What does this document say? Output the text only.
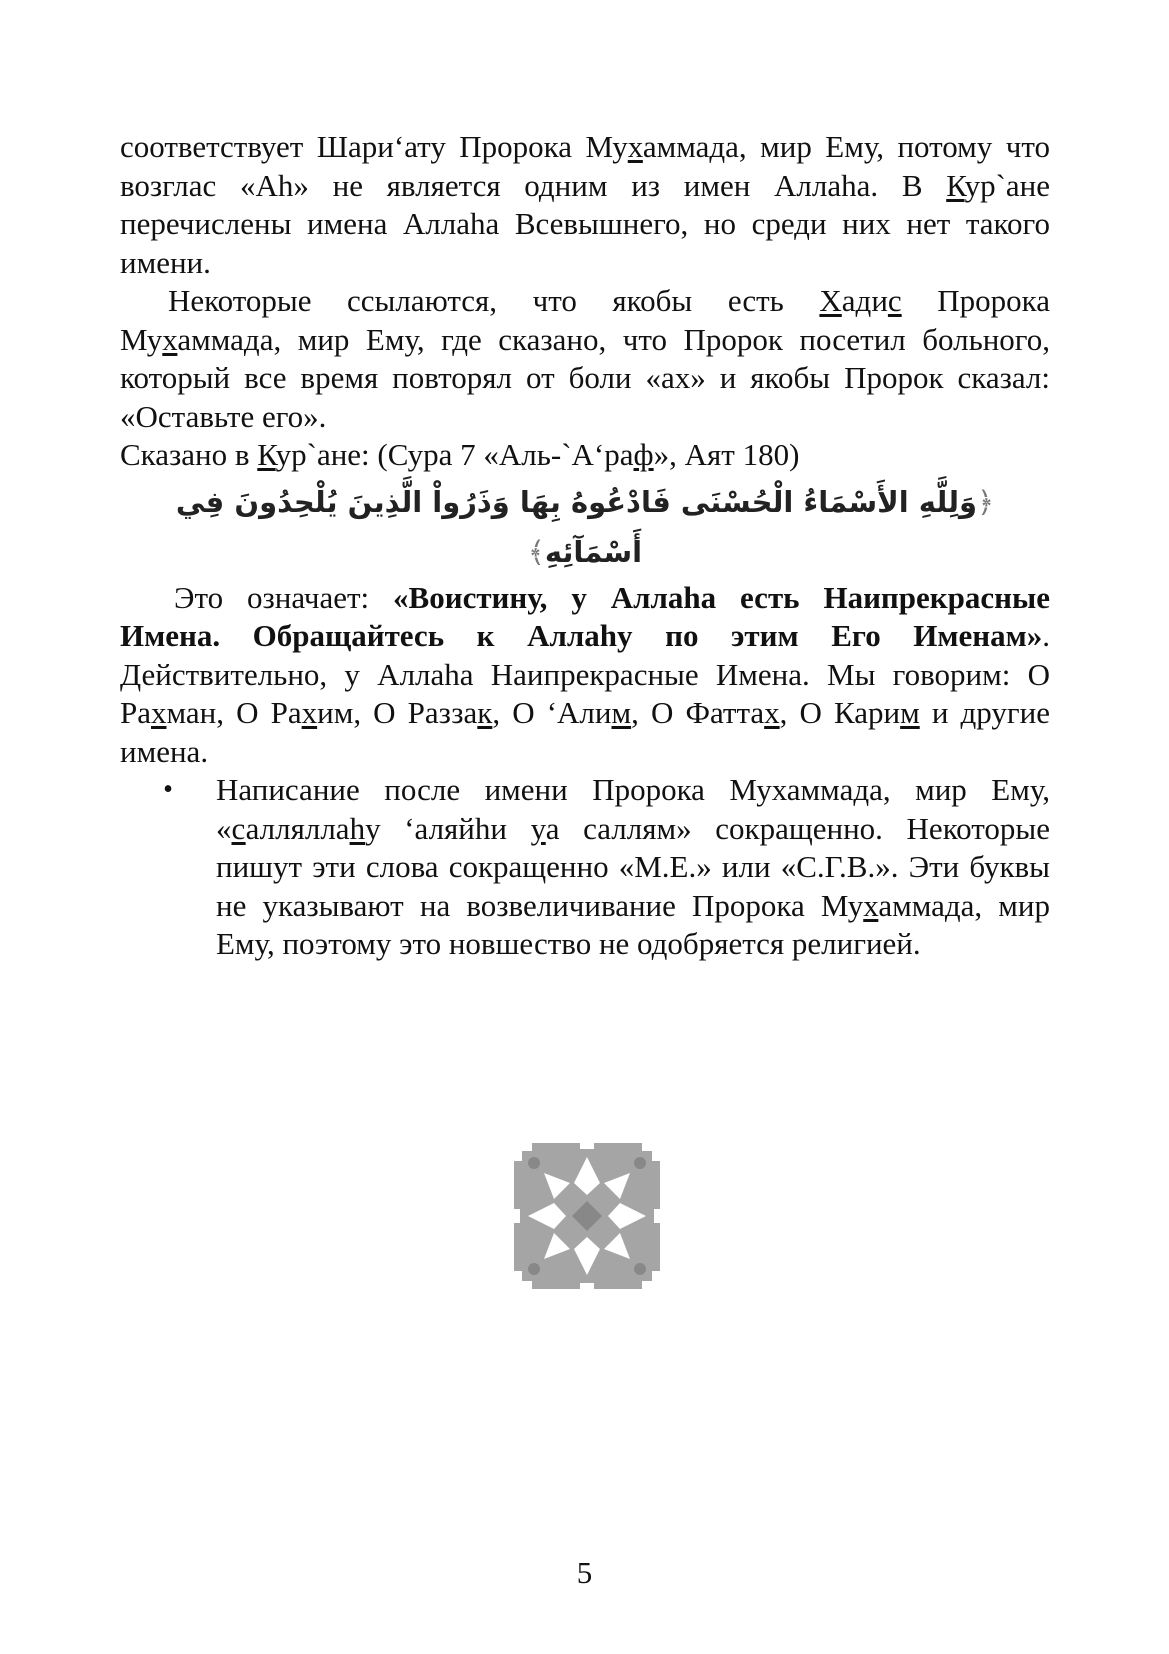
соответствует Шари‘ату Пророка Мухаммада, мир Ему, потому что возглас «Аh» не является одним из имен Аллаhа. В Кур`ане перечислены имена Аллаhа Всевышнего, но среди них нет такого имени.

Некоторые ссылаются, что якобы есть Хадис Пророка Мухаммада, мир Ему, где сказано, что Пророк посетил больного, который все время повторял от боли «ах» и якобы Пророк сказал: «Оставьте его».

Сказано в Кур`ане: (Сура 7 «Аль-`А‘раф», Аят 180)

﴿وَلِلَّهِ الأَسْمَاءُ الْحُسْنَى فَادْعُوهُ بِهَا وَذَرُواْ الَّذِينَ يُلْحِدُونَ فِي أَسْمَآئِهِ﴾

Это означает: «Воистину, у Аллаhа есть Наипрекрасные Имена. Обращайтесь к Аллаhу по этим Его Именам». Действительно, у Аллаhа Наипрекрасные Имена. Мы говорим: О Рахман, О Рахим, О Раззак, О ‘Алим, О Фаттах, О Карим и другие имена.

•	Написание после имени Пророка Мухаммада, мир Ему, «салляллаhу ‘аляйhи уа саллям» сокращенно. Некоторые пишут эти слова сокращенно «М.Е.» или «С.Г.В.». Эти буквы не указывают на возвеличивание Пророка Мухаммада, мир Ему, поэтому это новшество не одобряется религией.
5
